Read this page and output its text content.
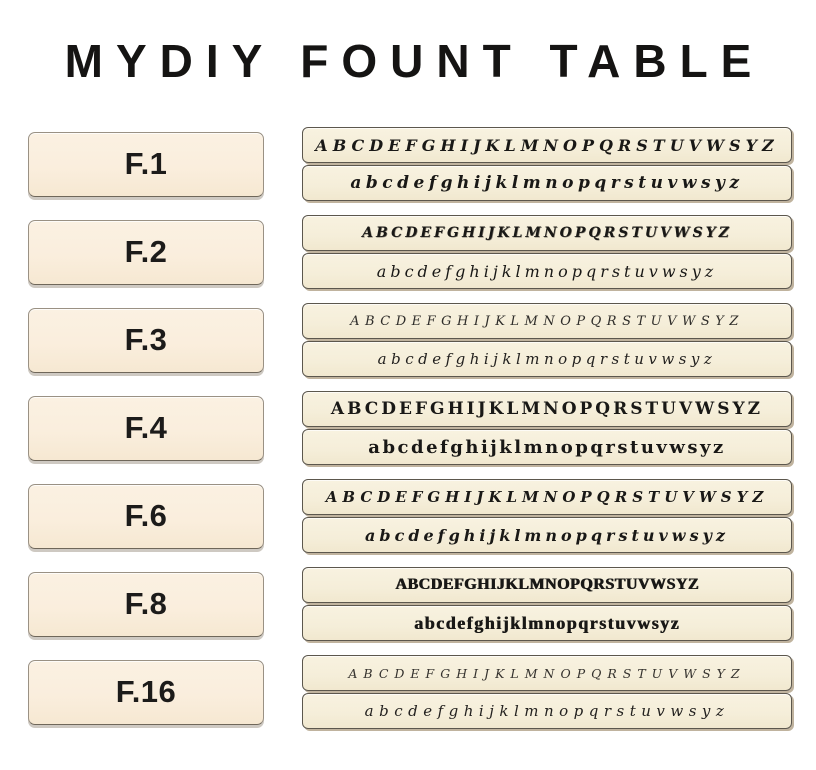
MYDIY FOUNT TABLE
F.1
ABCDEFGHIJKLMNOPQRSTUVWSYZ
abcdefghijklmnopqrstuvwsyz
F.2
ABCDEFGHIJKLMNOPQRSTUVWSYZ
abcdefghijklmnopqrstuvwsyz
F.3
ABCDEFGHIJKLMNOPQRSTUVWSYZ
abcdefghijklmnopqrstuvwsyz
F.4
ABCDEFGHIJKLMNOPQRSTUVWSYZ
abcdefghijklmnopqrstuvwsyz
F.6
ABCDEFGHIJKLMNOPQRSTUVWSYZ
abcdefghijklmnopqrstuvwsyz
F.8
ABCDEFGHIJKLMNOPQRSTUVWSYZ
abcdefghijklmnopqrstuvwsyz
F.16
ABCDEFGHIJKLMNOPQRSTUVWSYZ
abcdefghijklmnopqrstuvwsyz
